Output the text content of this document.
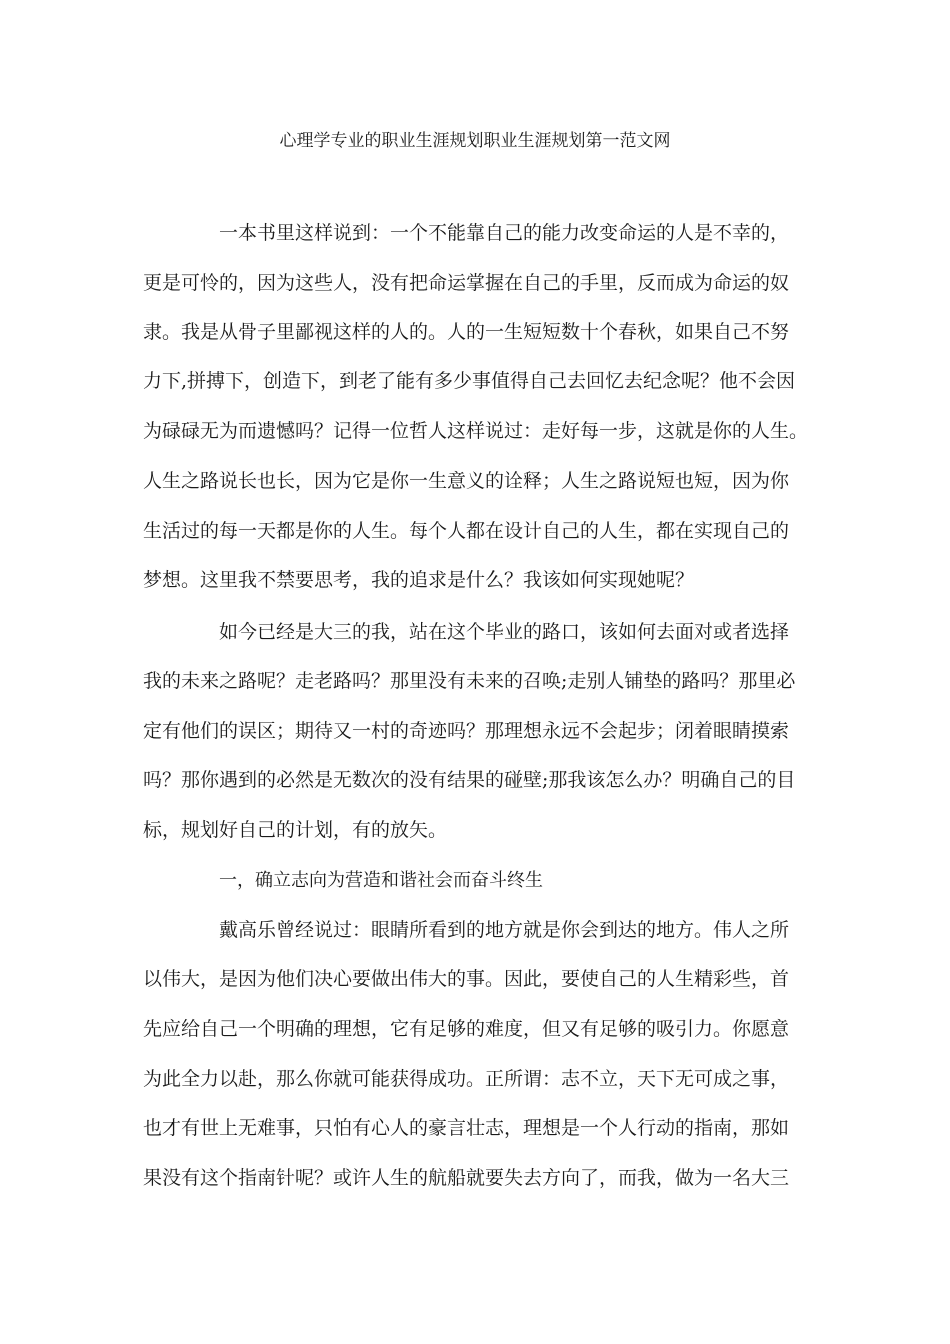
心理学专业的职业生涯规划职业生涯规划第一范文网
一本书里这样说到：一个不能靠自己的能力改变命运的人是不幸的，
更是可怜的，因为这些人，没有把命运掌握在自己的手里，反而成为命运的奴
隶。我是从骨子里鄙视这样的人的。人的一生短短数十个春秋，如果自己不努
力下,拼搏下，创造下，到老了能有多少事值得自己去回忆去纪念呢？他不会因
为碌碌无为而遗憾吗？记得一位哲人这样说过：走好每一步，这就是你的人生。
人生之路说长也长，因为它是你一生意义的诠释；人生之路说短也短，因为你
生活过的每一天都是你的人生。每个人都在设计自己的人生，都在实现自己的
梦想。这里我不禁要思考，我的追求是什么？我该如何实现她呢？
如今已经是大三的我，站在这个毕业的路口，该如何去面对或者选择
我的未来之路呢？走老路吗？那里没有未来的召唤;走别人铺垫的路吗？那里必
定有他们的误区；期待又一村的奇迹吗？那理想永远不会起步；闭着眼睛摸索
吗？那你遇到的必然是无数次的没有结果的碰壁;那我该怎么办？明确自己的目
标，规划好自己的计划，有的放矢。
一，确立志向为营造和谐社会而奋斗终生
戴高乐曾经说过：眼睛所看到的地方就是你会到达的地方。伟人之所
以伟大，是因为他们决心要做出伟大的事。因此，要使自己的人生精彩些，首
先应给自己一个明确的理想，它有足够的难度，但又有足够的吸引力。你愿意
为此全力以赴，那么你就可能获得成功。正所谓：志不立，天下无可成之事，
也才有世上无难事，只怕有心人的豪言壮志，理想是一个人行动的指南，那如
果没有这个指南针呢？或许人生的航船就要失去方向了，而我，做为一名大三
